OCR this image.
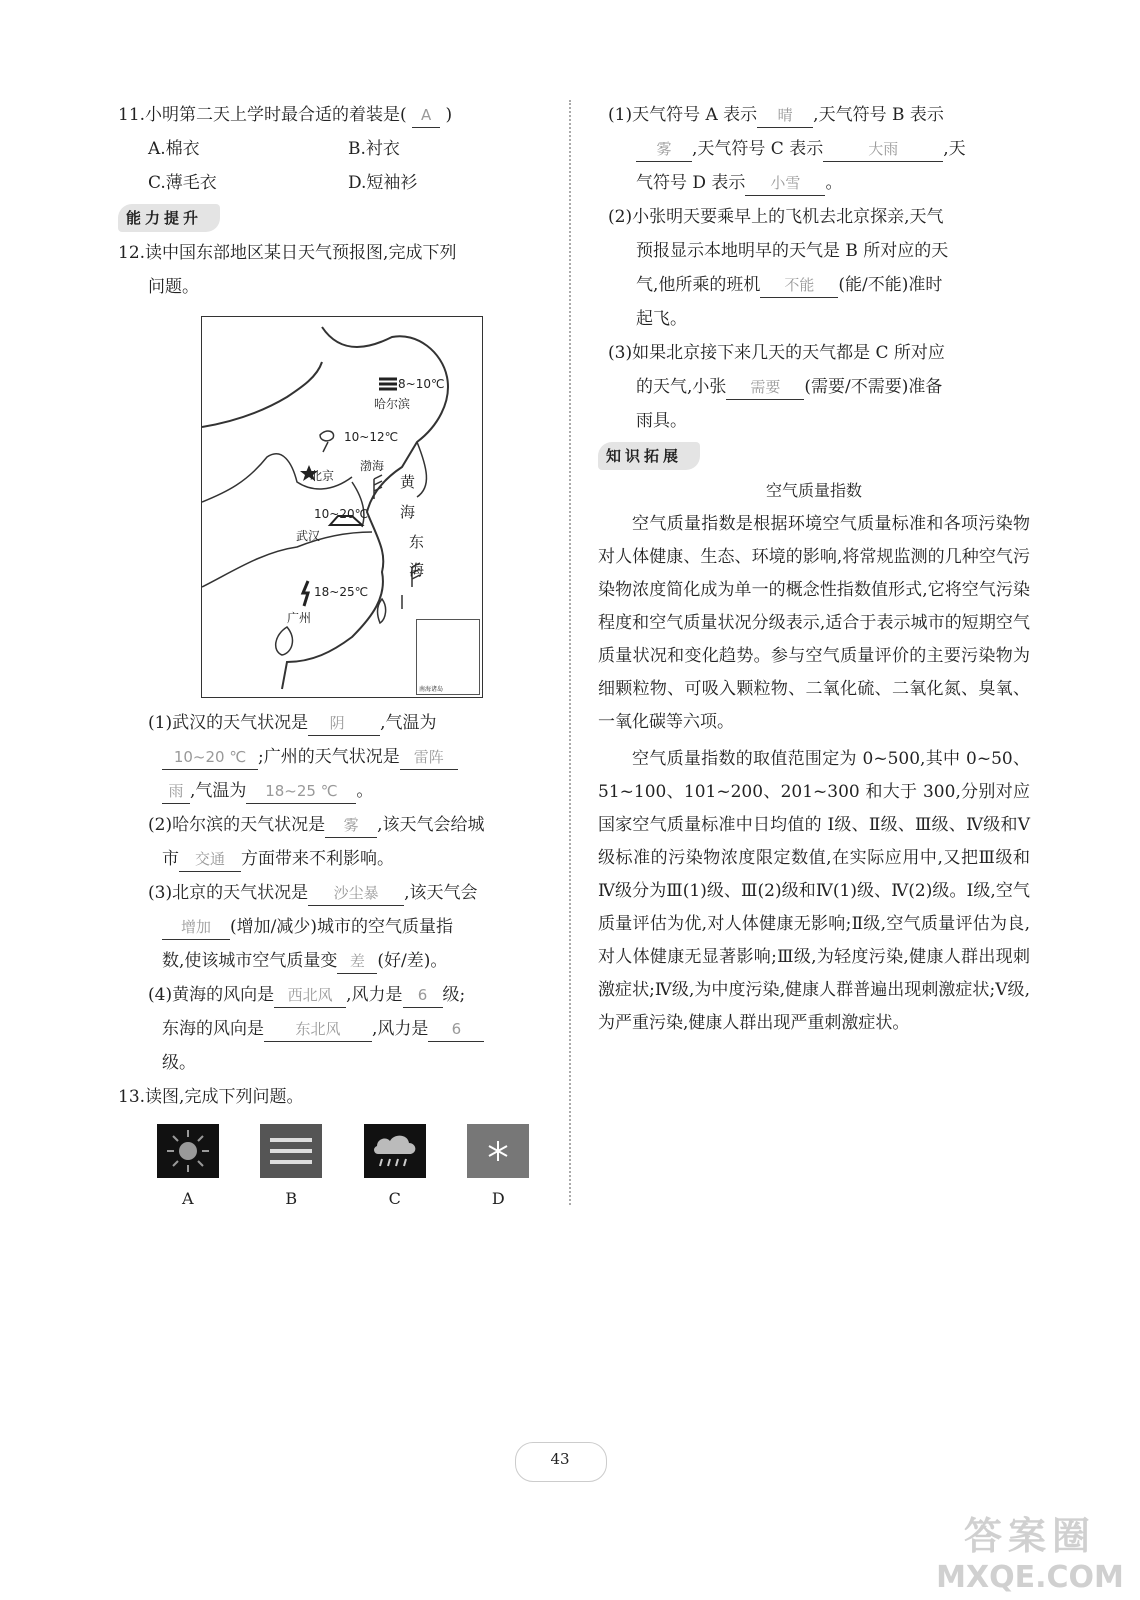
11.小明第二天上学时最合适的着装是( A )
A.棉衣	B.衬衣
C.薄毛衣	D.短袖衫
能力提升
12.读中国东部地区某日天气预报图,完成下列
问题。
8~10℃
哈尔滨
10~12℃
北京
渤海
黄
海
东
海
10~20℃
武汉
18~25℃
广州
南海诸岛
(1)武汉的天气状况是 阴 ,气温为
10~20 ℃ ;广州的天气状况是 雷阵
雨 ,气温为 18~25 ℃ 。
(2)哈尔滨的天气状况是 雾 ,该天气会给城
市 交通 方面带来不利影响。
(3)北京的天气状况是 沙尘暴 ,该天气会
增加 (增加/减少)城市的空气质量指
数,使该城市空气质量变 差 (好/差)。
(4)黄海的风向是 西北风 ,风力是 6 级;
东海的风向是 东北风 ,风力是 6
级。
13.读图,完成下列问题。
A	B	C	D
(1)天气符号 A 表示 晴 ,天气符号 B 表示
雾 ,天气符号 C 表示	大雨	,天
气符号 D 表示 小雪 。
(2)小张明天要乘早上的飞机去北京探亲,天气
预报显示本地明早的天气是 B 所对应的天
气,他所乘的班机 不能 (能/不能)准时
起飞。
(3)如果北京接下来几天的天气都是 C 所对应
的天气,小张 需要 (需要/不需要)准备
雨具。
知识拓展
空气质量指数
空气质量指数是根据环境空气质量标准和各项污染物对人体健康、生态、环境的影响,将常规监测的几种空气污染物浓度简化成为单一的概念性指数值形式,它将空气污染程度和空气质量状况分级表示,适合于表示城市的短期空气质量状况和变化趋势。参与空气质量评价的主要污染物为细颗粒物、可吸入颗粒物、二氧化硫、二氧化氮、臭氧、一氧化碳等六项。
空气质量指数的取值范围定为 0~500,其中 0~50、51~100、101~200、201~300 和大于 300,分别对应国家空气质量标准中日均值的 Ⅰ级、Ⅱ级、Ⅲ级、Ⅳ级和Ⅴ级标准的污染物浓度限定数值,在实际应用中,又把Ⅲ级和Ⅳ级分为Ⅲ(1)级、Ⅲ(2)级和Ⅳ(1)级、Ⅳ(2)级。Ⅰ级,空气质量评估为优,对人体健康无影响;Ⅱ级,空气质量评估为良,对人体健康无显著影响;Ⅲ级,为轻度污染,健康人群出现刺激症状;Ⅳ级,为中度污染,健康人群普遍出现刺激症状;Ⅴ级,为严重污染,健康人群出现严重刺激症状。
43
答案圈
MXQE.COM
